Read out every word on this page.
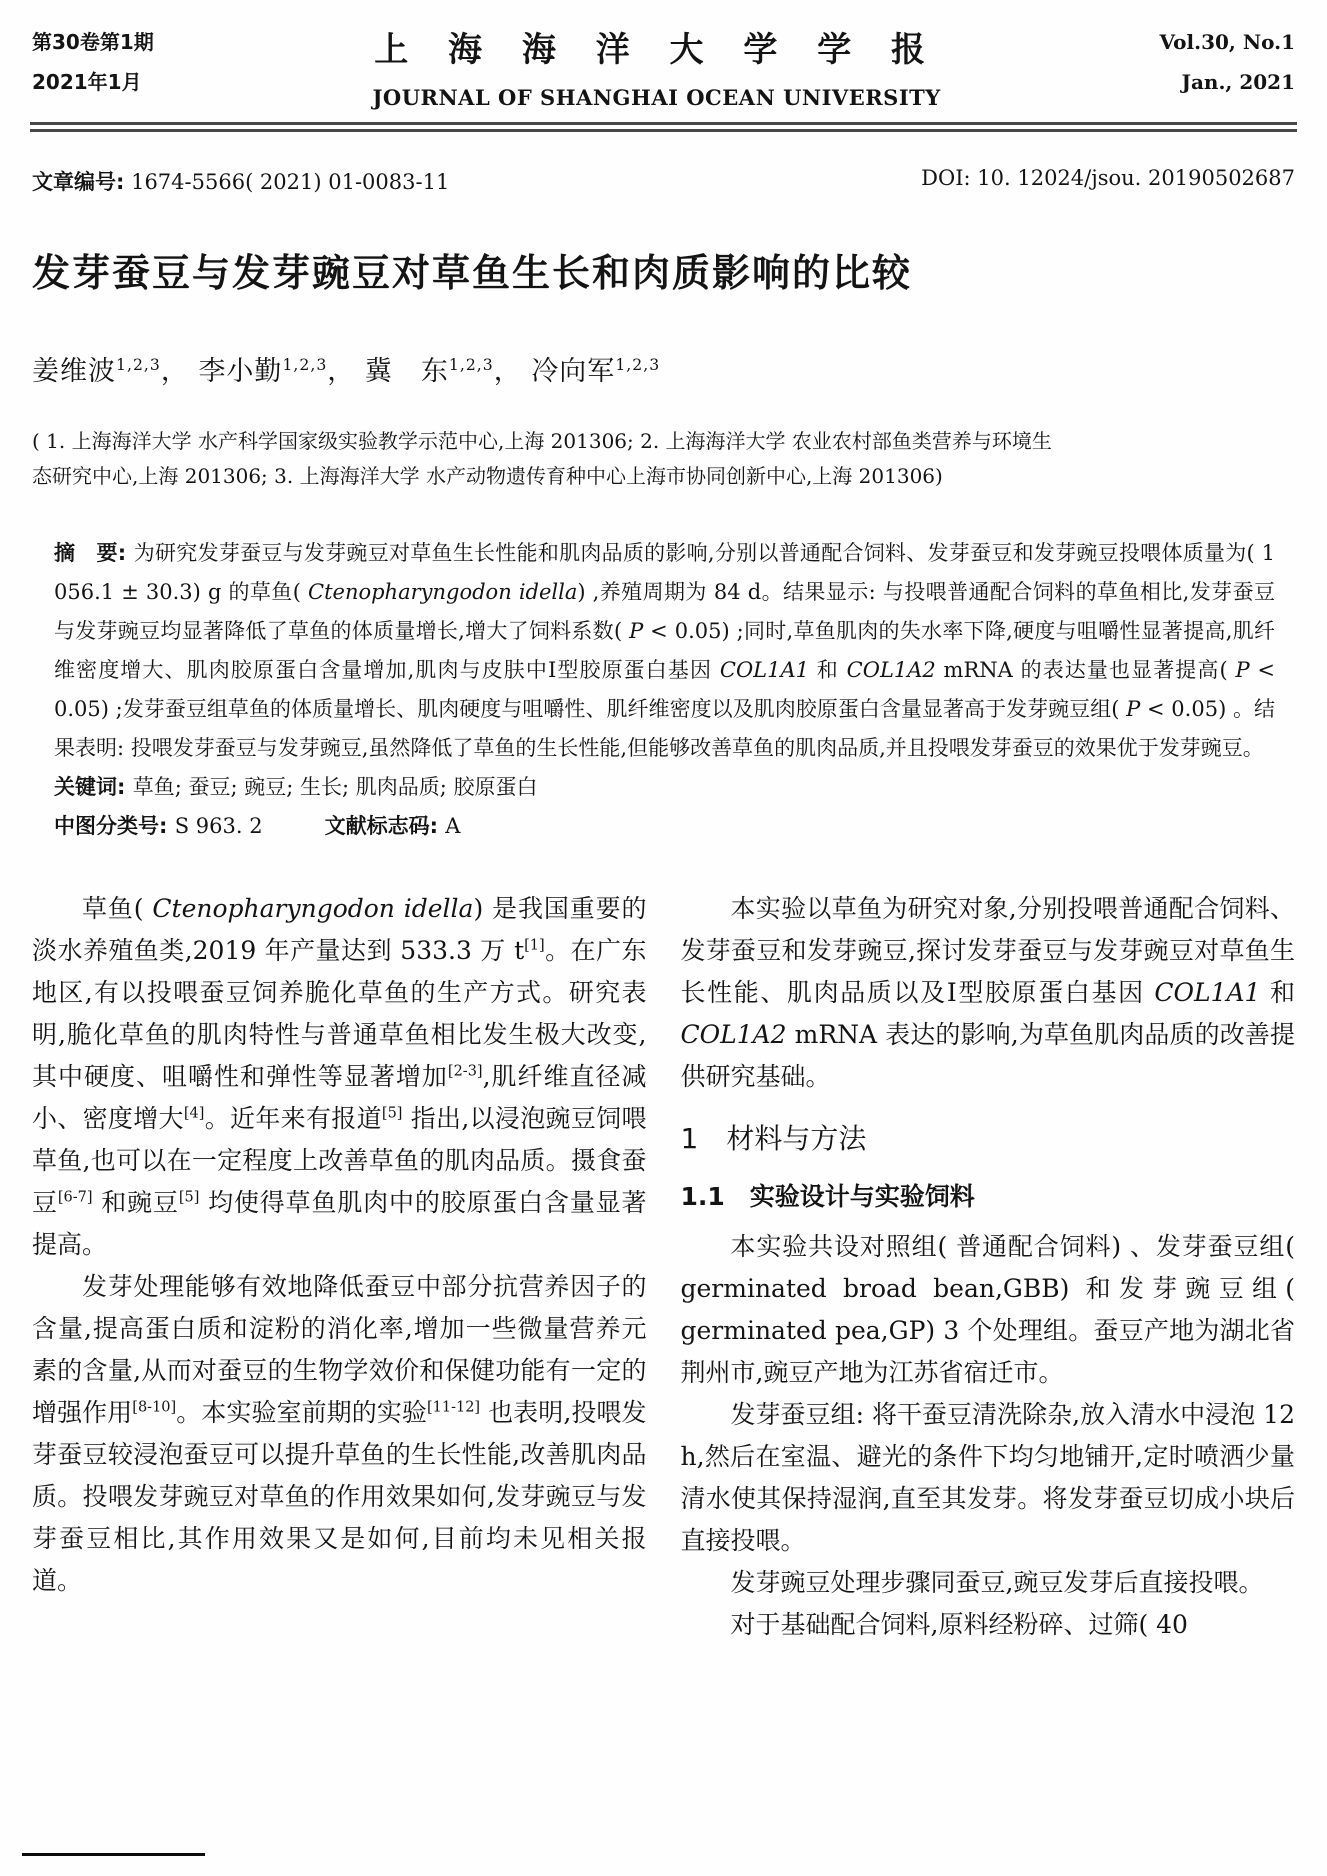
第30卷第1期
2021年1月
上 海 海 洋 大 学 学 报
JOURNAL OF SHANGHAI OCEAN UNIVERSITY
Vol.30, No.1
Jan., 2021
文章编号: 1674-5566( 2021) 01-0083-11	DOI: 10. 12024/jsou. 20190502687
发芽蚕豆与发芽豌豆对草鱼生长和肉质影响的比较
姜维波$^{1,2,3}$， 李小勤$^{1,2,3}$， 冀　东$^{1,2,3}$， 冷向军$^{1,2,3}$
( 1. 上海海洋大学 水产科学国家级实验教学示范中心,上海 201306; 2. 上海海洋大学 农业农村部鱼类营养与环境生
态研究中心,上海 201306; 3. 上海海洋大学 水产动物遗传育种中心上海市协同创新中心,上海 201306)
摘　要: 为研究发芽蚕豆与发芽豌豆对草鱼生长性能和肌肉品质的影响,分别以普通配合饲料、发芽蚕豆和发芽豌豆投喂体质量为( 1 056.1 ± 30.3) g 的草鱼( Ctenopharyngodon idella) ,养殖周期为 84 d。结果显示: 与投喂普通配合饲料的草鱼相比,发芽蚕豆与发芽豌豆均显著降低了草鱼的体质量增长,增大了饲料系数( P < 0.05) ;同时,草鱼肌肉的失水率下降,硬度与咀嚼性显著提高,肌纤维密度增大、肌肉胶原蛋白含量增加,肌肉与皮肤中Ⅰ型胶原蛋白基因 COL1A1 和 COL1A2 mRNA 的表达量也显著提高( P < 0.05) ;发芽蚕豆组草鱼的体质量增长、肌肉硬度与咀嚼性、肌纤维密度以及肌肉胶原蛋白含量显著高于发芽豌豆组( P < 0.05) 。结果表明: 投喂发芽蚕豆与发芽豌豆,虽然降低了草鱼的生长性能,但能够改善草鱼的肌肉品质,并且投喂发芽蚕豆的效果优于发芽豌豆。
关键词: 草鱼; 蚕豆; 豌豆; 生长; 肌肉品质; 胶原蛋白
中图分类号: S 963. 2	文献标志码: A

草鱼( Ctenopharyngodon idella) 是我国重要的淡水养殖鱼类,2019 年产量达到 533.3 万 t[1]。在广东地区,有以投喂蚕豆饲养脆化草鱼的生产方式。研究表明,脆化草鱼的肌肉特性与普通草鱼相比发生极大改变,其中硬度、咀嚼性和弹性等显著增加[2-3],肌纤维直径减小、密度增大[4]。近年来有报道[5] 指出,以浸泡豌豆饲喂草鱼,也可以在一定程度上改善草鱼的肌肉品质。摄食蚕豆[6-7] 和豌豆[5] 均使得草鱼肌肉中的胶原蛋白含量显著提高。

发芽处理能够有效地降低蚕豆中部分抗营养因子的含量,提高蛋白质和淀粉的消化率,增加一些微量营养元素的含量,从而对蚕豆的生物学效价和保健功能有一定的增强作用[8-10]。本实验室前期的实验[11-12] 也表明,投喂发芽蚕豆较浸泡蚕豆可以提升草鱼的生长性能,改善肌肉品质。投喂发芽豌豆对草鱼的作用效果如何,发芽豌豆与发芽蚕豆相比,其作用效果又是如何,目前均未见相关报道。

本实验以草鱼为研究对象,分别投喂普通配合饲料、发芽蚕豆和发芽豌豆,探讨发芽蚕豆与发芽豌豆对草鱼生长性能、肌肉品质以及Ⅰ型胶原蛋白基因 COL1A1 和 COL1A2 mRNA 表达的影响,为草鱼肌肉品质的改善提供研究基础。

1　材料与方法
1.1　实验设计与实验饲料

本实验共设对照组( 普通配合饲料) 、发芽蚕豆组( germinated broad bean,GBB) 和发芽豌豆组( germinated pea,GP) 3 个处理组。蚕豆产地为湖北省荆州市,豌豆产地为江苏省宿迁市。

发芽蚕豆组: 将干蚕豆清洗除杂,放入清水中浸泡 12 h,然后在室温、避光的条件下均匀地铺开,定时喷洒少量清水使其保持湿润,直至其发芽。将发芽蚕豆切成小块后直接投喂。

发芽豌豆处理步骤同蚕豆,豌豆发芽后直接投喂。

对于基础配合饲料,原料经粉碎、过筛( 40
